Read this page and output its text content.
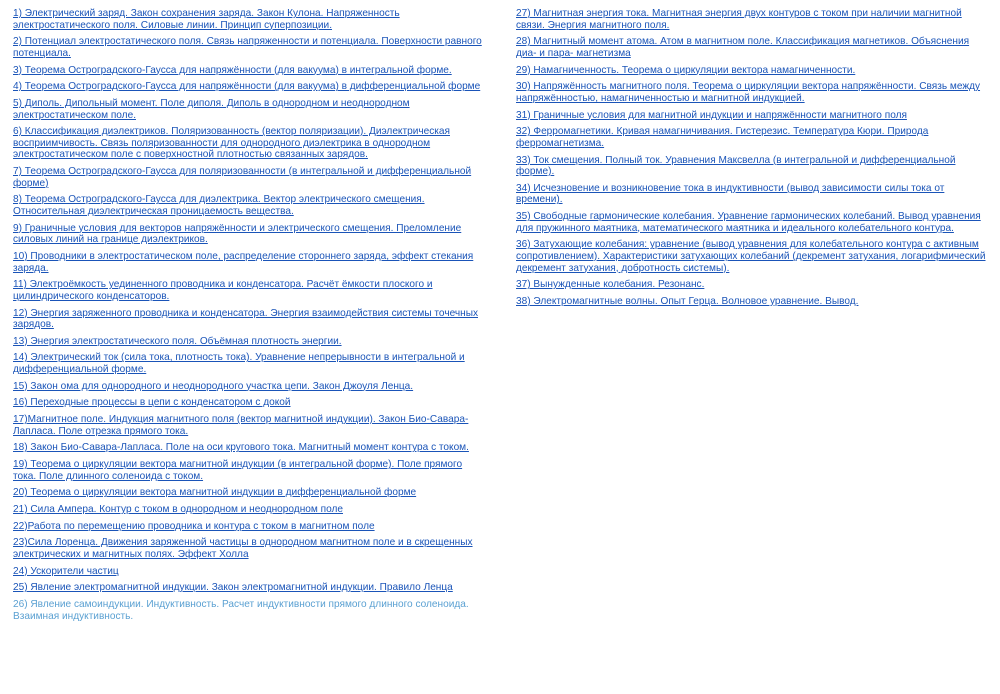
1) Электрический заряд. Закон сохранения заряда. Закон Кулона. Напряженность электростатического поля. Силовые линии. Принцип суперпозиции.
2) Потенциал электростатического поля. Связь напряженности и потенциала. Поверхности равного потенциала.
3) Теорема Остроградского-Гаусса для напряжённости (для вакуума) в интегральной форме.
4) Теорема Остроградского-Гаусса для напряжённости (для вакуума) в дифференциальной форме
5) Диполь. Дипольный момент. Поле диполя. Диполь в однородном и неоднородном электростатическом поле.
6) Классификация диэлектриков. Поляризованность (вектор поляризации). Диэлектрическая восприимчивость. Связь поляризованности для однородного диэлектрика в однородном электростатическом поле с поверхностной плотностью связанных зарядов.
7) Теорема Остроградского-Гаусса для поляризованности (в интегральной и дифференциальной форме)
8) Теорема Остроградского-Гаусса для диэлектрика. Вектор электрического смещения. Относительная диэлектрическая проницаемость вещества.
9) Граничные условия для векторов напряжённости и электрического смещения. Преломление силовых линий на границе диэлектриков.
10) Проводники в электростатическом поле, распределение стороннего заряда, эффект стекания заряда.
11) Электроёмкость уединенного проводника и конденсатора. Расчёт ёмкости плоского и цилиндрического конденсаторов.
12) Энергия заряженного проводника и конденсатора. Энергия взаимодействия системы точечных зарядов.
13) Энергия электростатического поля. Объёмная плотность энергии.
14) Электрический ток (сила тока, плотность тока). Уравнение непрерывности в интегральной и дифференциальной форме.
15) Закон ома для однородного и неоднородного участка цепи. Закон Джоуля Ленца.
16) Переходные процессы в цепи с конденсатором с докой
17)Магнитное поле. Индукция магнитного поля (вектор магнитной индукции). Закон Био-Савара-Лапласа. Поле отрезка прямого тока.
18) Закон Био-Савара-Лапласа. Поле на оси кругового тока. Магнитный момент контура с током.
19) Теорема о циркуляции вектора магнитной индукции (в интегральной форме). Поле прямого тока. Поле длинного соленоида с током.
20) Теорема о циркуляции вектора магнитной индукции в дифференциальной форме
21) Сила Ампера. Контур с током в однородном и неоднородном поле
22)Работа по перемещению проводника и контура с током в магнитном поле
23)Сила Лоренца. Движения заряженной частицы в однородном магнитном поле и в скрещенных электрических и магнитных полях. Эффект Холла
24) Ускорители частиц
25) Явление электромагнитной индукции. Закон электромагнитной индукции. Правило Ленца
26) Явление самоиндукции. Индуктивность. Расчет индуктивности прямого длинного соленоида. Взаимная индуктивность.
27) Магнитная энергия тока. Магнитная энергия двух контуров с током при наличии магнитной связи. Энергия магнитного поля.
28) Магнитный момент атома. Атом в магнитном поле. Классификация магнетиков. Объяснения диа- и пара- магнетизма
29) Намагниченность. Теорема о циркуляции вектора намагниченности.
30) Напряжённость магнитного поля. Теорема о циркуляции вектора напряжённости. Связь между напряжённостью, намагниченностью и магнитной индукцией.
31) Граничные условия для магнитной индукции и напряжённости магнитного поля
32) Ферромагнетики. Кривая намагничивания. Гистерезис. Температура Кюри. Природа ферромагнетизма.
33) Ток смещения. Полный ток. Уравнения Максвелла (в интегральной и дифференциальной форме).
34) Исчезновение и возникновение тока в индуктивности (вывод зависимости силы тока от времени).
35) Свободные гармонические колебания. Уравнение гармонических колебаний. Вывод уравнения для пружинного маятника, математического маятника и идеального колебательного контура.
36) Затухающие колебания: уравнение (вывод уравнения для колебательного контура с активным сопротивлением). Характеристики затухающих колебаний (декремент затухания, логарифмический декремент затухания, добротность системы).
37) Вынужденные колебания. Резонанс.
38) Электромагнитные волны. Опыт Герца. Волновое уравнение. Вывод.
